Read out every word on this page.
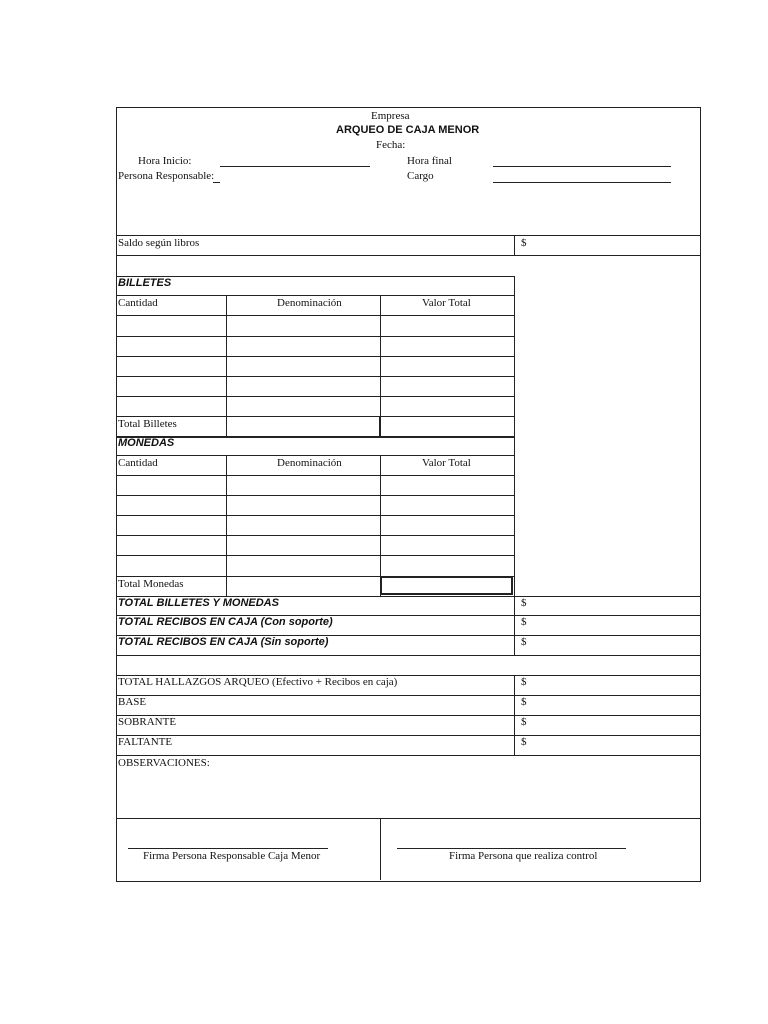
Empresa
ARQUEO DE CAJA MENOR
Fecha:
Hora Inicio:
Persona Responsable:
Hora final
Cargo
Saldo según libros	$
BILLETES
Cantidad	Denominación	Valor Total
Total Billetes
MONEDAS
Cantidad	Denominación	Valor Total
Total Monedas
TOTAL BILLETES Y MONEDAS	$
TOTAL RECIBOS EN CAJA (Con soporte)	$
TOTAL RECIBOS EN CAJA (Sin soporte)	$
TOTAL HALLAZGOS ARQUEO (Efectivo + Recibos en caja)	$
BASE	$
SOBRANTE	$
FALTANTE	$
OBSERVACIONES:
Firma Persona Responsable Caja Menor	Firma Persona que realiza control
